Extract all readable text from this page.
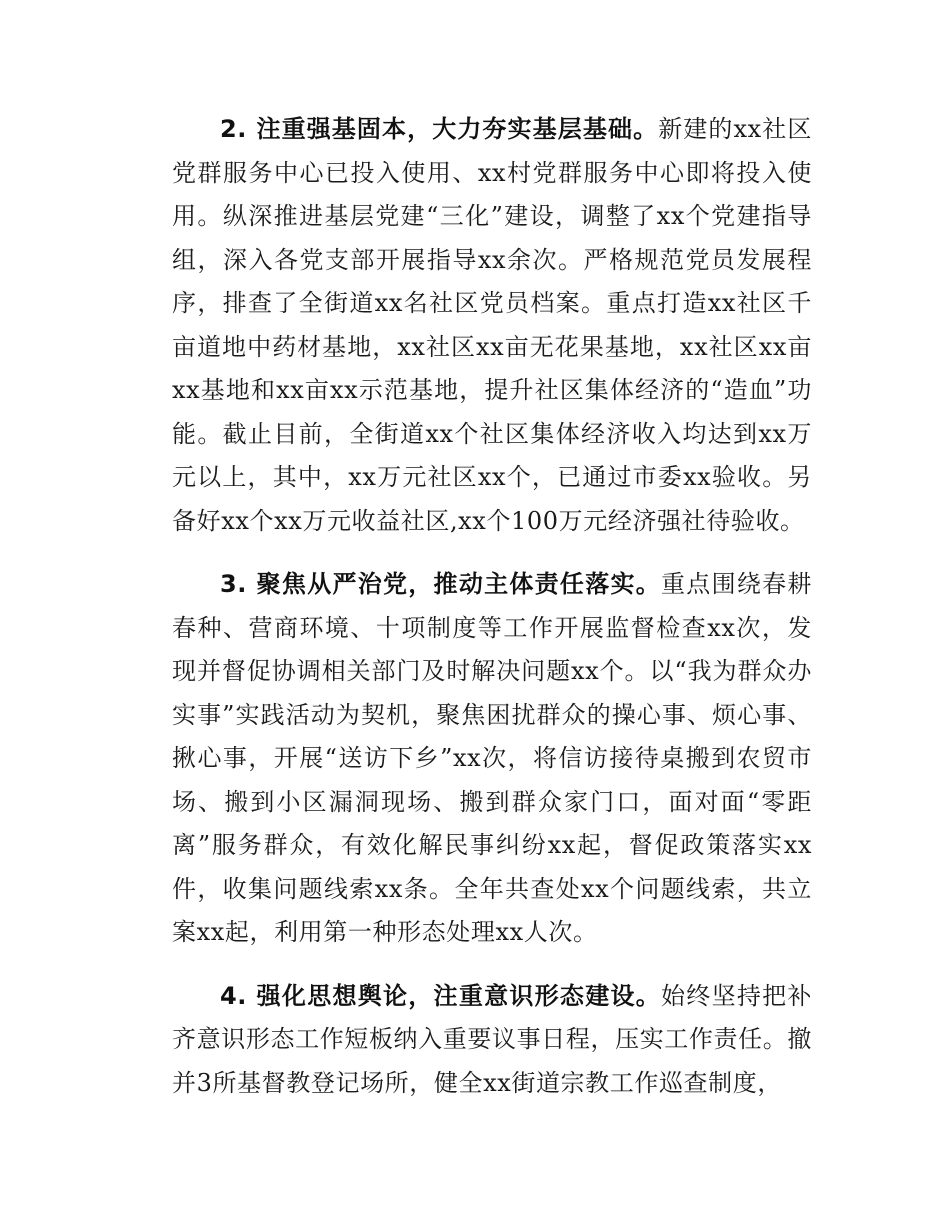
2. 注重强基固本，大力夯实基层基础。新建的xx社区党群服务中心已投入使用、xx村党群服务中心即将投入使用。纵深推进基层党建“三化”建设，调整了xx个党建指导组，深入各党支部开展指导xx余次。严格规范党员发展程序，排查了全街道xx名社区党员档案。重点打造xx社区千亩道地中药材基地，xx社区xx亩无花果基地，xx社区xx亩xx基地和xx亩xx示范基地，提升社区集体经济的“造血”功能。截止目前，全街道xx个社区集体经济收入均达到xx万元以上，其中，xx万元社区xx个，已通过市委xx验收。另备好xx个xx万元收益社区,xx个100万元经济强社待验收。

3. 聚焦从严治党，推动主体责任落实。重点围绕春耕春种、营商环境、十项制度等工作开展监督检查xx次，发现并督促协调相关部门及时解决问题xx个。以“我为群众办实事”实践活动为契机，聚焦困扰群众的操心事、烦心事、揪心事，开展“送访下乡”xx次，将信访接待桌搬到农贸市场、搬到小区漏洞现场、搬到群众家门口，面对面“零距离”服务群众，有效化解民事纠纷xx起，督促政策落实xx件，收集问题线索xx条。全年共查处xx个问题线索，共立案xx起，利用第一种形态处理xx人次。

4. 强化思想舆论，注重意识形态建设。始终坚持把补齐意识形态工作短板纳入重要议事日程，压实工作责任。撤并3所基督教登记场所，健全xx街道宗教工作巡查制度，
